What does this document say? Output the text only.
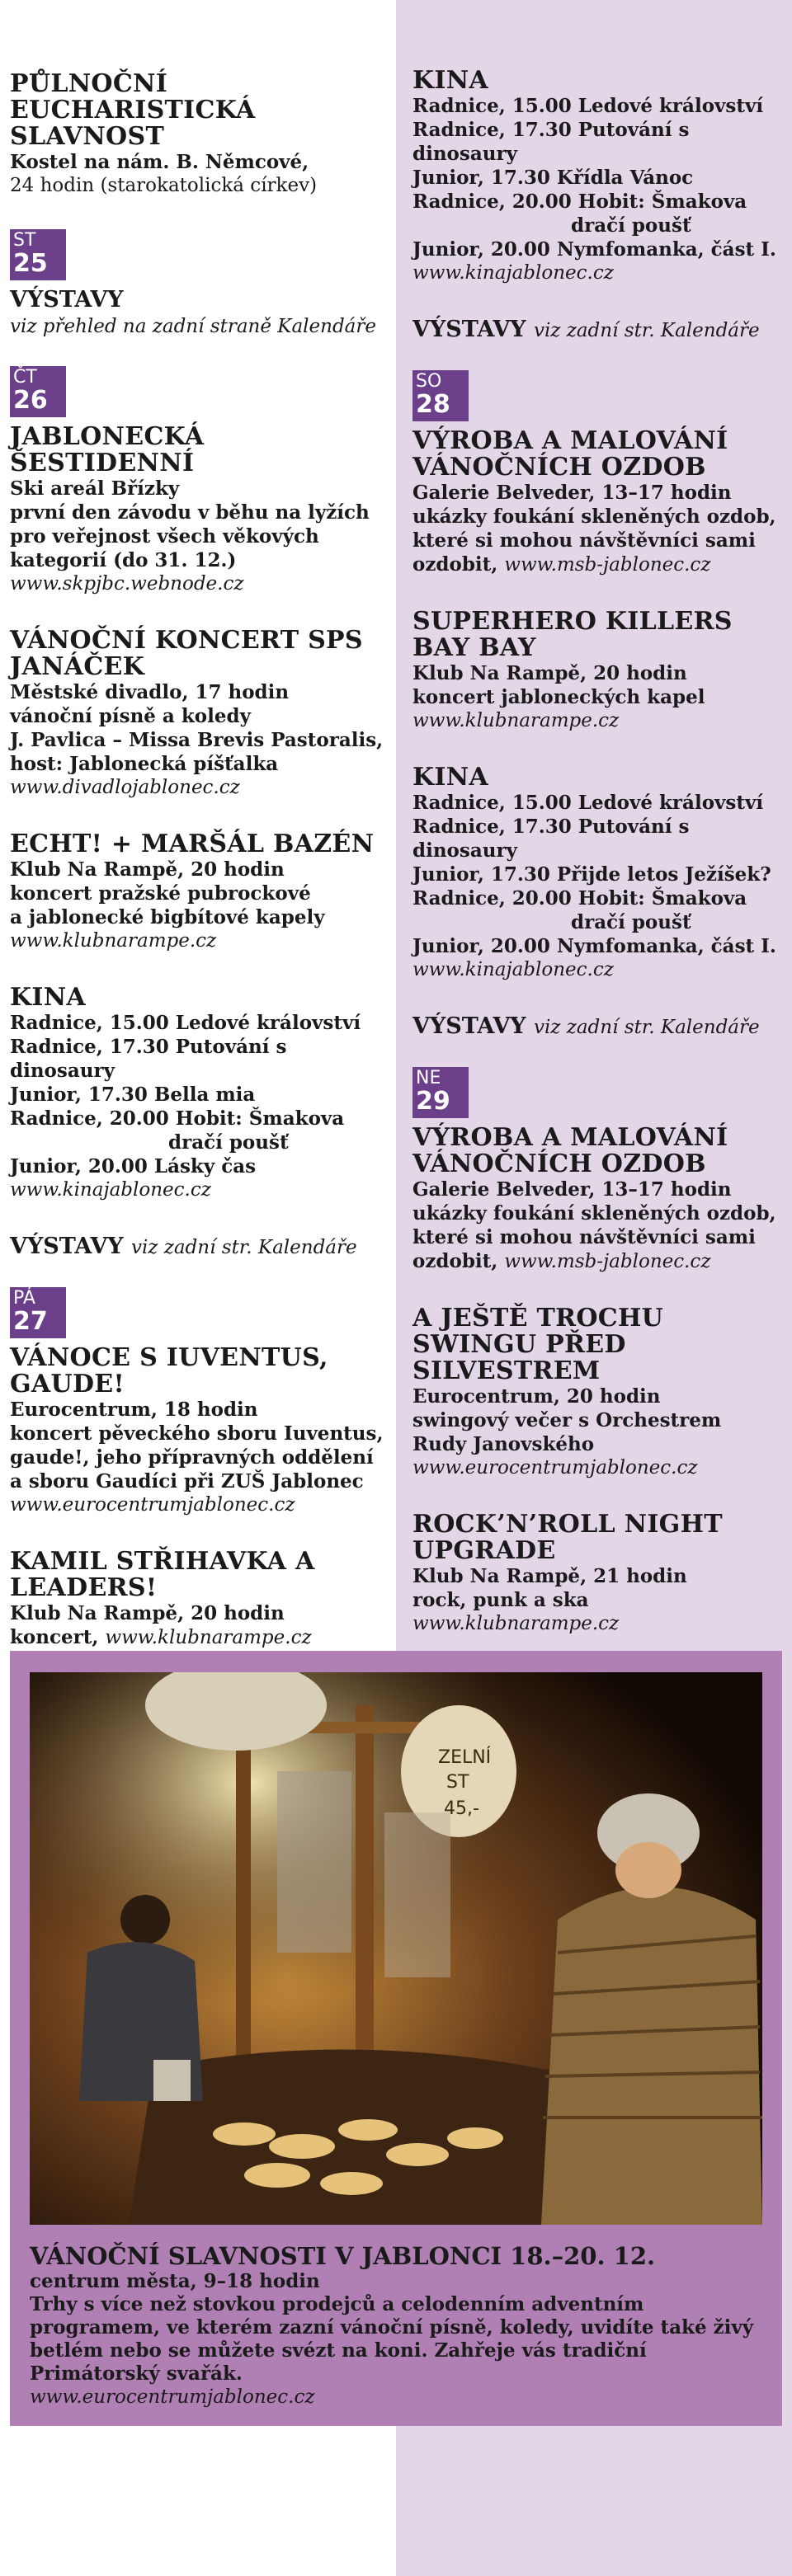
PŮLNOČNÍ EUCHARISTICKÁ SLAVNOST
Kostel na nám. B. Němcové,
24 hodin (starokatolická církev)
ST
25
VÝSTAVY
viz přehled na zadní straně Kalendáře
ČT
26
JABLONECKÁ ŠESTIDENNÍ
Ski areál Břízky
první den závodu v běhu na lyžích
pro veřejnost všech věkových
kategorií (do 31. 12.)
www.skpjbc.webnode.cz
VÁNOČNÍ KONCERT SPS JANÁČEK
Městské divadlo, 17 hodin
vánoční písně a koledy
J. Pavlica – Missa Brevis Pastoralis,
host: Jablonecká píšťalka
www.divadlojablonec.cz
ECHT! + MARŠÁL BAZÉN
Klub Na Rampě, 20 hodin
koncert pražské pubrockové
a jablonecké bigbítové kapely
www.klubnarampe.cz
KINA
Radnice, 15.00 Ledové království
Radnice, 17.30 Putování s dinosaury
Junior, 17.30 Bella mia
Radnice, 20.00 Hobit: Šmakova
dračí poušť
Junior, 20.00 Lásky čas
www.kinajablonec.cz
VÝSTAVY viz zadní str. Kalendáře
PÁ
27
VÁNOCE S IUVENTUS, GAUDE!
Eurocentrum, 18 hodin
koncert pěveckého sboru Iuventus,
gaude!, jeho přípravných oddělení
a sboru Gaudíci při ZUŠ Jablonec
www.eurocentrumjablonec.cz
KAMIL STŘIHAVKA A LEADERS!
Klub Na Rampě, 20 hodin
koncert, www.klubnarampe.cz
KINA
Radnice, 15.00 Ledové království
Radnice, 17.30 Putování s dinosaury
Junior, 17.30 Křídla Vánoc
Radnice, 20.00 Hobit: Šmakova
dračí poušť
Junior, 20.00 Nymfomanka, část I.
www.kinajablonec.cz
VÝSTAVY viz zadní str. Kalendáře
SO
28
VÝROBA A MALOVÁNÍ VÁNOČNÍCH OZDOB
Galerie Belveder, 13–17 hodin
ukázky foukání skleněných ozdob,
které si mohou návštěvníci sami
ozdobit, www.msb-jablonec.cz
SUPERHERO KILLERS BAY BAY
Klub Na Rampě, 20 hodin
koncert jabloneckých kapel
www.klubnarampe.cz
KINA
Radnice, 15.00 Ledové království
Radnice, 17.30 Putování s dinosaury
Junior, 17.30 Přijde letos Ježíšek?
Radnice, 20.00 Hobit: Šmakova
dračí poušť
Junior, 20.00 Nymfomanka, část I.
www.kinajablonec.cz
VÝSTAVY viz zadní str. Kalendáře
NE
29
VÝROBA A MALOVÁNÍ VÁNOČNÍCH OZDOB
Galerie Belveder, 13–17 hodin
ukázky foukání skleněných ozdob,
které si mohou návštěvníci sami
ozdobit, www.msb-jablonec.cz
A JEŠTĚ TROCHU SWINGU PŘED SILVESTREM
Eurocentrum, 20 hodin
swingový večer s Orchestrem
Rudy Janovského
www.eurocentrumjablonec.cz
ROCK’N’ROLL NIGHT UPGRADE
Klub Na Rampě, 21 hodin
rock, punk a ska
www.klubnarampe.cz
ZELNÍ
ST
45,-
VÁNOČNÍ SLAVNOSTI V JABLONCI 18.–20. 12.
centrum města, 9–18 hodin
Trhy s více než stovkou prodejců a celodenním adventním programem, ve kterém zazní vánoční písně, koledy, uvidíte také živý betlém nebo se můžete svézt na koni. Zahřeje vás tradiční Primátorský svařák.
www.eurocentrumjablonec.cz
